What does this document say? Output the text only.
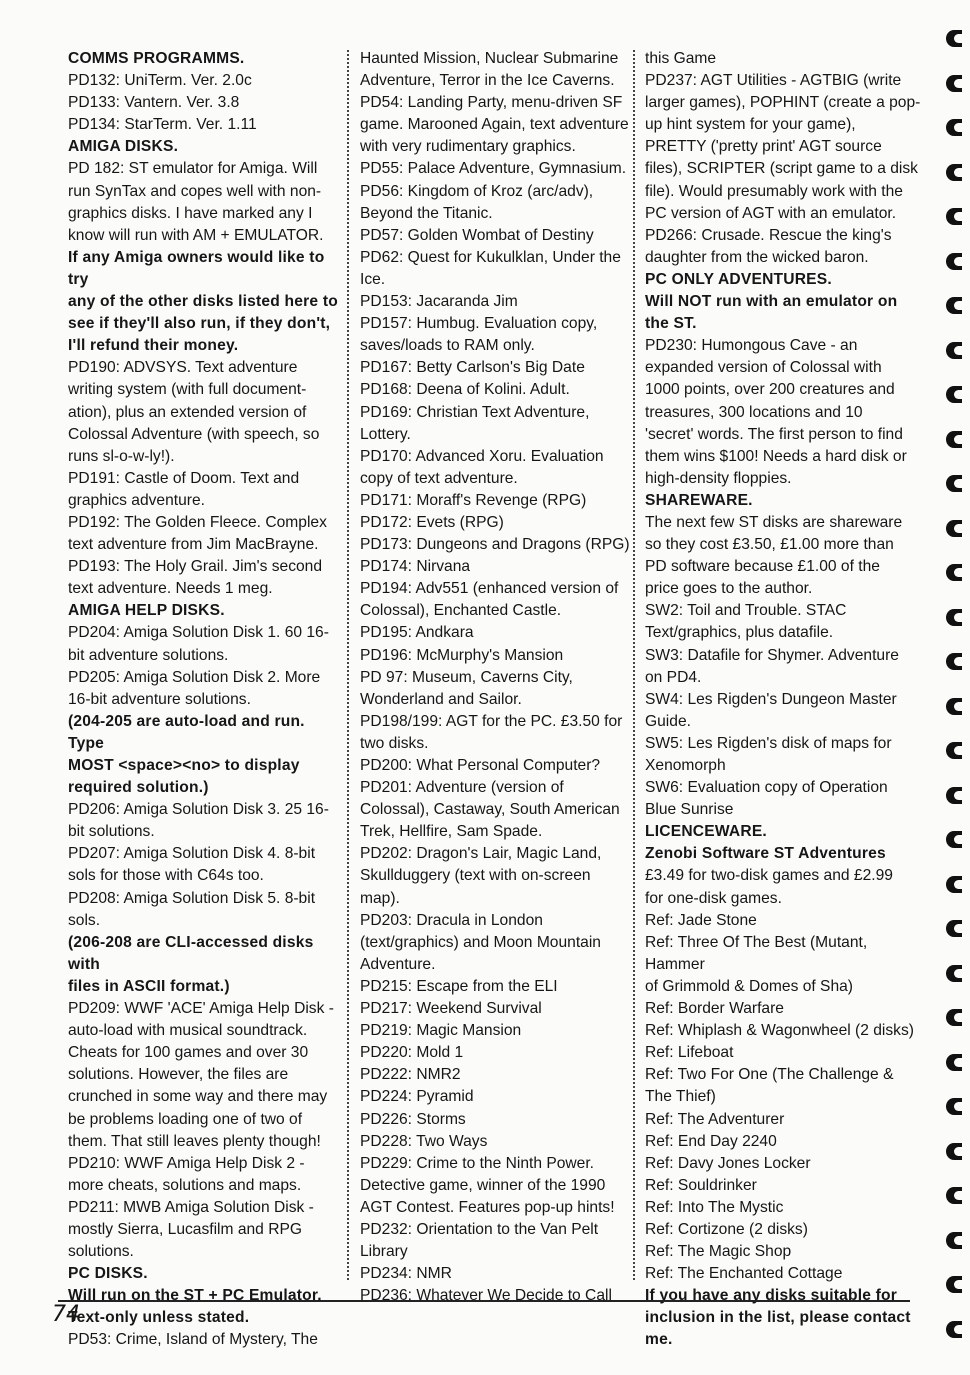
COMMS PROGRAMMS.

PD132: UniTerm. Ver. 2.0c

PD133: Vantern. Ver. 3.8

PD134: StarTerm. Ver. 1.11

AMIGA DISKS.

PD 182: ST emulator for Amiga. Will

run SynTax and copes well with non-

graphics disks. I have marked any I

know will run with AM + EMULATOR.

If any Amiga owners would like to try

any of the other disks listed here to

see if they'll also run, if they don't,

I'll refund their money.

PD190: ADVSYS. Text adventure

writing system (with full document-

ation), plus an extended version of

Colossal Adventure (with speech, so

runs sl-o-w-ly!).

PD191: Castle of Doom. Text and

graphics adventure.

PD192: The Golden Fleece. Complex

text adventure from Jim MacBrayne.

PD193: The Holy Grail. Jim's second

text adventure. Needs 1 meg.

AMIGA HELP DISKS.

PD204: Amiga Solution Disk 1. 60 16-

bit adventure solutions.

PD205: Amiga Solution Disk 2. More

16-bit adventure solutions.

(204-205 are auto-load and run. Type

MOST <space><no> to display

required solution.)

PD206: Amiga Solution Disk 3. 25 16-

bit solutions.

PD207: Amiga Solution Disk 4. 8-bit

sols for those with C64s too.

PD208: Amiga Solution Disk 5. 8-bit

sols.

(206-208 are CLI-accessed disks with

files in ASCII format.)

PD209: WWF 'ACE' Amiga Help Disk -

auto-load with musical soundtrack.

Cheats for 100 games and over 30

solutions. However, the files are

crunched in some way and there may

be problems loading one of two of

them. That still leaves plenty though!

PD210: WWF Amiga Help Disk 2 -

more cheats, solutions and maps.

PD211: MWB Amiga Solution Disk -

mostly Sierra, Lucasfilm and RPG

solutions.

PC DISKS.

Will run on the ST + PC Emulator.

Text-only unless stated.

PD53: Crime, Island of Mystery, The

Haunted Mission, Nuclear Submarine

Adventure, Terror in the Ice Caverns.

PD54: Landing Party, menu-driven SF

game. Marooned Again, text adventure

with very rudimentary graphics.

PD55: Palace Adventure, Gymnasium.

PD56: Kingdom of Kroz (arc/adv),

Beyond the Titanic.

PD57: Golden Wombat of Destiny

PD62: Quest for Kukulklan, Under the Ice.

PD153: Jacaranda Jim

PD157: Humbug. Evaluation copy,

saves/loads to RAM only.

PD167: Betty Carlson's Big Date

PD168: Deena of Kolini. Adult.

PD169: Christian Text Adventure,

Lottery.

PD170: Advanced Xoru. Evaluation

copy of text adventure.

PD171: Moraff's Revenge (RPG)

PD172: Evets (RPG)

PD173: Dungeons and Dragons (RPG)

PD174: Nirvana

PD194: Adv551 (enhanced version of

Colossal), Enchanted Castle.

PD195: Andkara

PD196: McMurphy's Mansion

PD 97: Museum, Caverns City,

Wonderland and Sailor.

PD198/199: AGT for the PC. £3.50 for

two disks.

PD200: What Personal Computer?

PD201: Adventure (version of

Colossal), Castaway, South American

Trek, Hellfire, Sam Spade.

PD202: Dragon's Lair, Magic Land,

Skullduggery (text with on-screen

map).

PD203: Dracula in London

(text/graphics) and Moon Mountain

Adventure.

PD215: Escape from the ELI

PD217: Weekend Survival

PD219: Magic Mansion

PD220: Mold 1

PD222: NMR2

PD224: Pyramid

PD226: Storms

PD228: Two Ways

PD229: Crime to the Ninth Power.

Detective game, winner of the 1990

AGT Contest. Features pop-up hints!

PD232: Orientation to the Van Pelt

Library

PD234: NMR

PD236: Whatever We Decide to Call

this Game

PD237: AGT Utilities - AGTBIG (write

larger games), POPHINT (create a pop-

up hint system for your game),

PRETTY ('pretty print' AGT source

files), SCRIPTER (script game to a disk

file). Would presumably work with the

PC version of AGT with an emulator.

PD266: Crusade. Rescue the king's

daughter from the wicked baron.

PC ONLY ADVENTURES.

Will NOT run with an emulator on the ST.

PD230: Humongous Cave - an

expanded version of Colossal with

1000 points, over 200 creatures and

treasures, 300 locations and 10

'secret' words. The first person to find

them wins $100! Needs a hard disk or

high-density floppies.

SHAREWARE.

The next few ST disks are shareware

so they cost £3.50, £1.00 more than

PD software because £1.00 of the

price goes to the author.

SW2: Toil and Trouble. STAC

Text/graphics, plus datafile.

SW3: Datafile for Shymer. Adventure

on PD4.

SW4: Les Rigden's Dungeon Master

Guide.

SW5: Les Rigden's disk of maps for

Xenomorph

SW6: Evaluation copy of Operation

Blue Sunrise

LICENCEWARE.

Zenobi Software ST Adventures

£3.49 for two-disk games and £2.99

for one-disk games.

Ref: Jade Stone

Ref: Three Of The Best (Mutant, Hammer

of Grimmold & Domes of Sha)

Ref: Border Warfare

Ref: Whiplash & Wagonwheel (2 disks)

Ref: Lifeboat

Ref: Two For One (The Challenge &

The Thief)

Ref: The Adventurer

Ref: End Day 2240

Ref: Davy Jones Locker

Ref: Souldrinker

Ref: Into The Mystic

Ref: Cortizone (2 disks)

Ref: The Magic Shop

Ref: The Enchanted Cottage

If you have any disks suitable for

inclusion in the list, please contact me.

74
